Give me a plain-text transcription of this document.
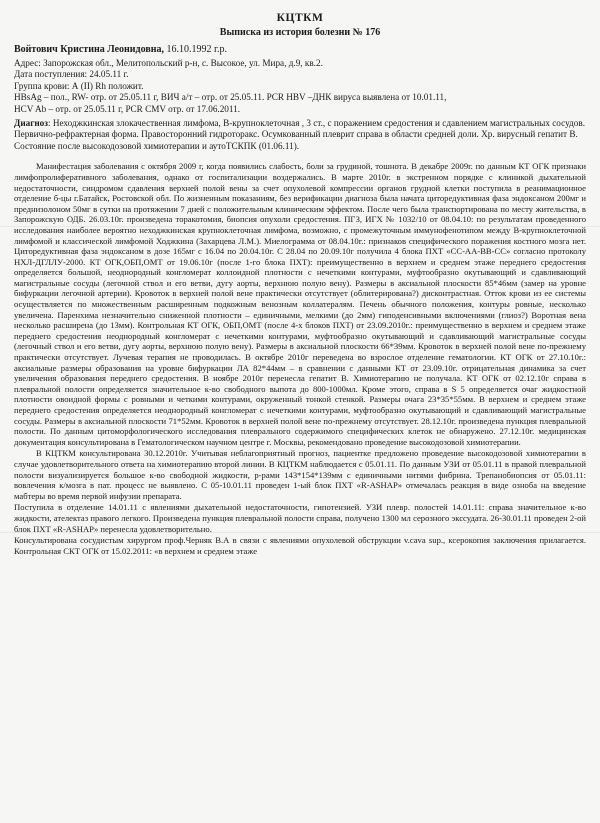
КЦТКМ
Выписка из история болезни № 176

Войтович Кристина Леонидовна, 16.10.1992 г.р.

Адрес: Запорожская обл., Мелитопольский р-н, с. Высокое, ул. Мира, д.9, кв.2.

Дата поступления: 24.05.11 г.

Группа крови: А (II) Rh положит.

HBsAg – пол., RW- отр. от 25.05.11 г, ВИЧ а/т – отр. от 25.05.11. PCR HBV –ДНК вируса выявлена от 10.01.11,

HCV Ab – отр. от 25.05.11 г, PCR CMV отр. от 17.06.2011.

Диагноз: Неходжкинская злокачественная лимфома, В-крупноклеточная , 3 ст., с поражением средостения и сдавлением магистральных сосудов. Первично-рефрактерная форма. Правосторонний гидроторакс. Осумкованный плеврит справа в области средней доли. Хр. вирусный гепатит В. Состояние после высокодозовой химиотерапии и аутоТСКПК (01.06.11).

Манифестация заболевания с октября 2009 г, когда появились слабость, боли за грудиной, тошнота. В декабре 2009г. по данным КТ ОГК признаки лимфопролиферативного заболевания, однако от госпитализации воздержались. В марте 2010г. в экстренном порядке с клиникой дыхательной недостаточности, синдромом сдавления верхней полой вены за счет опухолевой компрессии органов грудной клетки поступила в реанимационное отделение б-цы г.Батайск, Ростовской обл. По жизненным показаниям, без верификации диагноза была начата циторедуктивная фаза эндоксаном 200мг и преднизолоном 50мг в сутки на протяжении 7 дней с положительным клиническим эффектом. После чего была транспортирована по месту жительства, в Запорожскую ОДБ. 26.03.10г. произведена торакотомия, биопсия опухоли средостения. ПГЗ, ИГХ № 1032/10 от 08.04.10: по результатам проведенного исследования наиболее вероятно неходжкинская крупноклеточная лимфома, возможно, с промежуточным иммунофенотипом между В-крупноклеточной лимфомой и классической лимфомой Ходжкина (Захарцева Л.М.). Миелограмма от 08.04.10г.: признаков специфического поражения костного мозга нет. Циторедуктивная фаза эндоксаном в дозе 165мг с 16.04 по 20.04.10г. С 28.04 по 20.09.10г получила 4 блока ПХТ «СС-АА-ВВ-СС» согласно протоколу НХЛ-ДГЛЛУ-2000. КТ ОГК,ОБП,ОМТ от 19.06.10г (после 1-го блока ПХТ): преимущественно в верхнем и среднем этаже переднего средостения определяется большой, неоднородный конгломерат коллоидной плотности с нечеткими контурами, муфтообразно окутывающий и сдавливающий магистральные сосуды (легочной ствол и его ветви, дугу аорты, верхнюю полую вену). Размеры в аксиальной плоскости 85*46мм (замер на уровне бифуркации легочной артерии). Кровоток в верхней полой вене практически отсутствует (облитерирована?) дисконтрастная. Отток крови из ее системы осуществляется по множественным расширенным подкожным венозным коллатералям. Печень обычного положения, контуры ровные, несколько увеличена. Паренхима незначительно сниженной плотности – единичными, мелкими (до 2мм) гиподенсивными включениями (глиоз?) Воротная вена несколько расширена (до 13мм). Контрольная КТ ОГК, ОБП,ОМТ (после 4-х блоков ПХТ) от 23.09.2010г.: преимущественно в верхнем и среднем этаже переднего средостения неоднородный конгломерат с нечеткими контурами, муфтообразно окутывающий и сдавливающий магистральные сосуды (легочный ствол и его ветви, дугу аорты, верхнюю полую вену). Размеры в аксиальной плоскости 66*39мм. Кровоток в верхней полой вене по-прежнему практически отсутствует. Лучевая терапия не проводилась. В октябре 2010г переведена во взрослое отделение гематологии. КТ ОГК от 27.10.10г.: аксиальные размеры образования на уровне бифуркации ЛА 82*44мм – в сравнении с данными КТ от 23.09.10г. отрицательная динамика за счет увеличения образования переднего средостения. В ноябре 2010г перенесла гепатит В. Химиотерапию не получала. КТ ОГК от 02.12.10г справа в плевральной полости определяется значительное к-во свободного выпота до 800-1000мл. Кроме этого, справа в S 5 определяется очаг жидкостной плотности овоидной формы с ровными и четкими контурами, окруженный тонкой стенкой. Размеры очага 23*35*55мм. В верхнем и среднем этаже переднего средостения определяется неоднородный конгломерат с нечеткими контурами, муфтообразно окутывающий и сдавливающий магистральные сосуды. Размеры в аксиальной плоскости 71*52мм. Кровоток в верхней полой вене по-прежнему отсутствует. 28.12.10г. произведена пункция плевральной полости. По данным цитоморфологического исследования плеврального содержимого специфических клеток не обнаружено. 27.12.10г. медицинская документация консультирована в Гематологическом научном центре г. Москвы, рекомендовано проведение высокодозовой химиотерапии.

В КЦТКМ консультирована 30.12.2010г. Учитывая неблагоприятный прогноз, пациентке предложено проведение высокодозовой химиотерапии в случае удовлетворительного ответа на химиотерапию второй линии. В КЦТКМ наблюдается с 05.01.11. По данным УЗИ от 05.01.11 в правой плевральной полости визуализируется большое к-во свободной жидкости, р-рами 143*154*139мм с единичными нитями фибрина. Трепанобиопсия от 05.01.11: вовлечения к/мозга в пат. процесс не выявлено. С 05-10.01.11 проведен 1-ый блок ПХТ «R-ASHAP» отмечалась реакция в виде озноба на введение мабтеры во время первой инфузии препарата.

Поступила в отделение 14.01.11 с явлениями дыхательной недостаточности, гипотензией. УЗИ плевр. полостей 14.01.11: справа значительное к-во жидкости, ателектаз правого легкого. Произведена пункция плевральной полости справа, получено 1300 мл серозного экссудата. 26-30.01.11 проведен 2-ой блок ПХТ «R-ASHAP» перенесла удовлетворительно.

Консультирована сосудистым хирургом проф.Черняк В.А в связи с явлениями опухолевой обструкции v.cava sup., ксерокопия заключения прилагается. Контрольная СКТ ОГК от 15.02.2011: «в верхнем и среднем этаже
